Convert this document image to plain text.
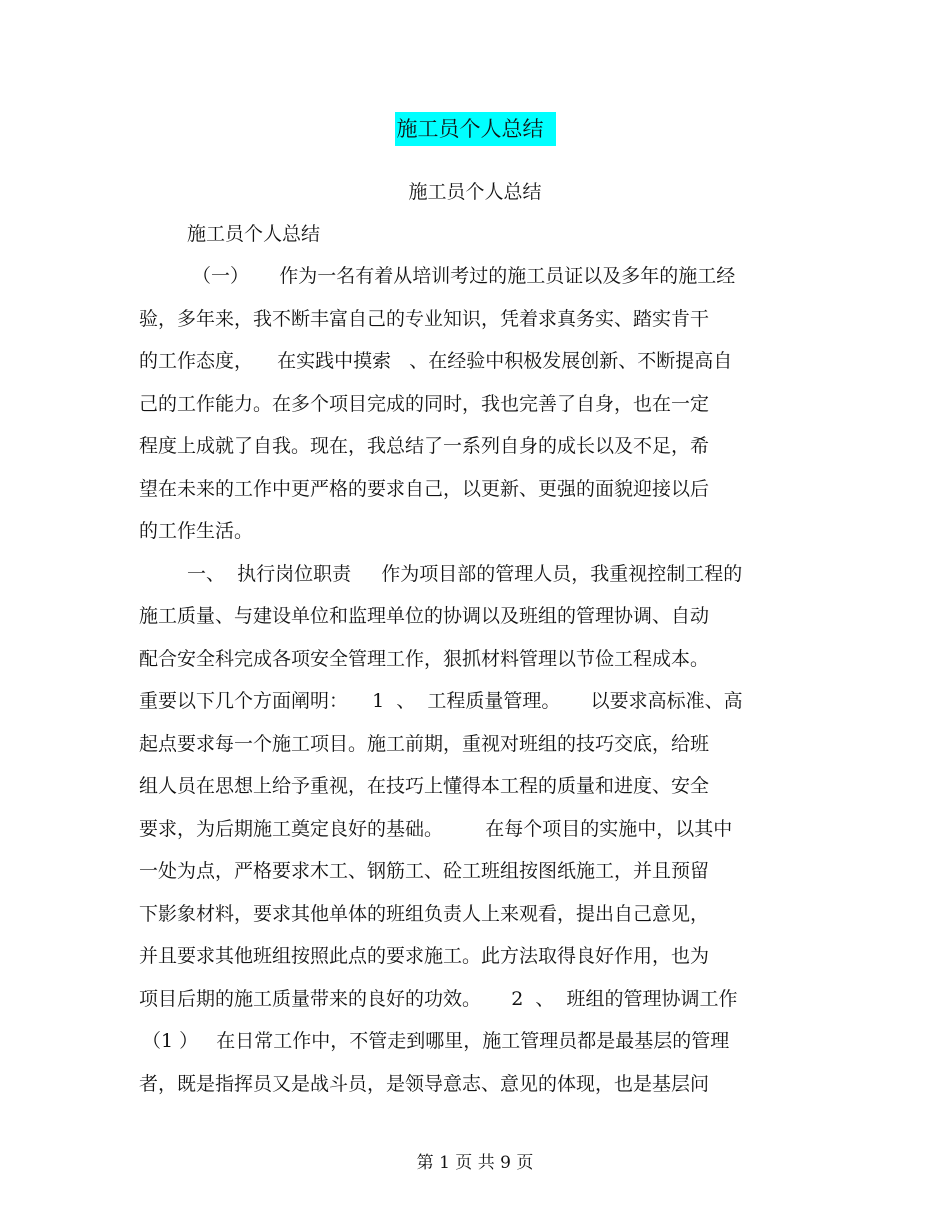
施工员个人总结
施工员个人总结
施工员个人总结
（一）     作为一名有着从培训考过的施工员证以及多年的施工经
验，多年来，我不断丰富自己的专业知识，凭着求真务实、踏实肯干
的工作态度，    在实践中摸索   、在经验中积极发展创新、不断提高自
己的工作能力。在多个项目完成的同时，我也完善了自身，也在一定
程度上成就了自我。现在，我总结了一系列自身的成长以及不足，希
望在未来的工作中更严格的要求自己，以更新、更强的面貌迎接以后
的工作生活。
一、  执行岗位职责     作为项目部的管理人员，我重视控制工程的
施工质量、与建设单位和监理单位的协调以及班组的管理协调、自动
配合安全科完成各项安全管理工作，狠抓材料管理以节俭工程成本。
重要以下几个方面阐明：    1  、  工程质量管理。     以要求高标准、高
起点要求每一个施工项目。施工前期，重视对班组的技巧交底，给班
组人员在思想上给予重视，在技巧上懂得本工程的质量和进度、安全
要求，为后期施工奠定良好的基础。       在每个项目的实施中，以其中
一处为点，严格要求木工、钢筋工、砼工班组按图纸施工，并且预留
下影象材料，要求其他单体的班组负责人上来观看，提出自己意见，
并且要求其他班组按照此点的要求施工。此方法取得良好作用，也为
项目后期的施工质量带来的良好的功效。     2  、  班组的管理协调工作
（1 ）   在日常工作中，不管走到哪里，施工管理员都是最基层的管理
者，既是指挥员又是战斗员，是领导意志、意见的体现，也是基层问
第 1 页 共 9 页
